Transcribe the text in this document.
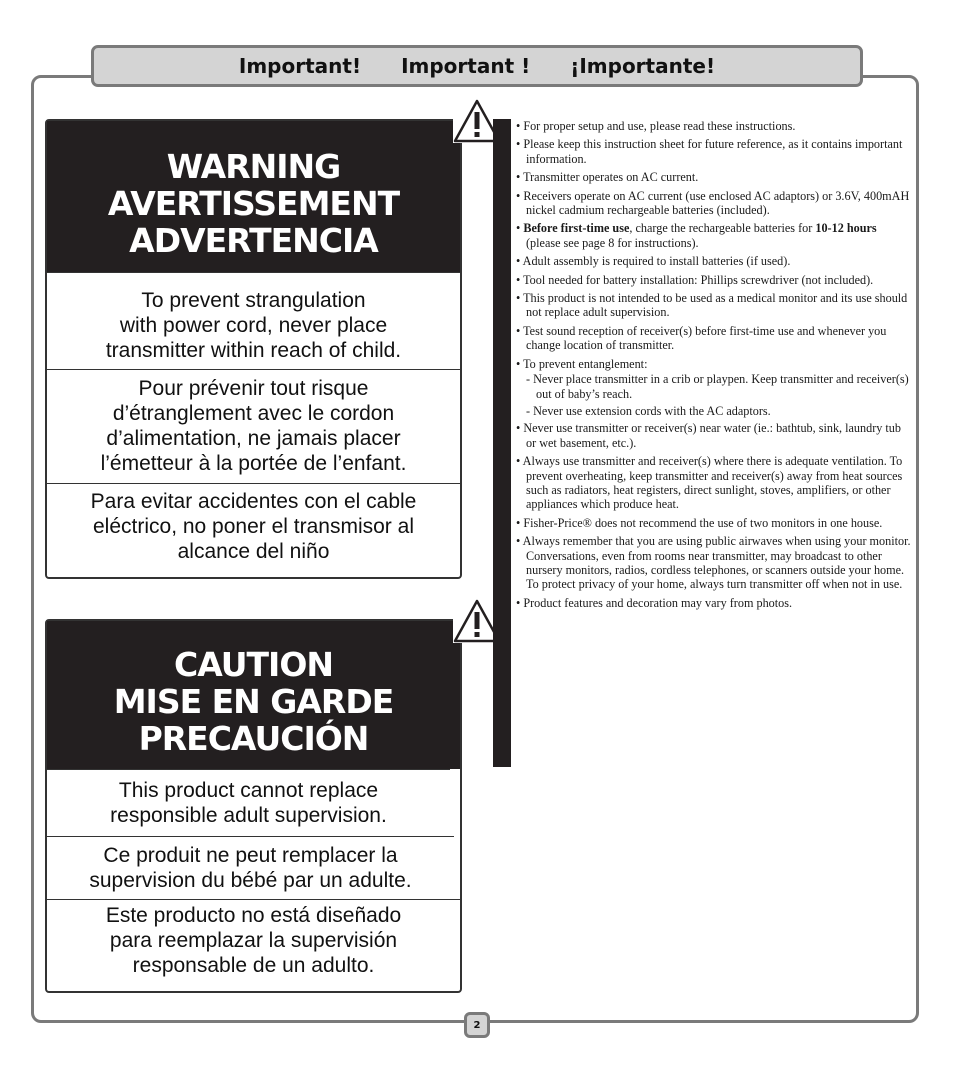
Important! Important ! ¡Importante!
WARNING
AVERTISSEMENT
ADVERTENCIA
To prevent strangulation
with power cord, never place
transmitter within reach of child.
Pour prévenir tout risque
d’étranglement avec le cordon
d’alimentation, ne jamais placer
l’émetteur à la portée de l’enfant.
Para evitar accidentes con el cable
eléctrico, no poner el transmisor al
alcance del niño
CAUTION
MISE EN GARDE
PRECAUCIÓN
This product cannot replace
responsible adult supervision.
Ce produit ne peut remplacer la
supervision du bébé par un adulte.
Este producto no está diseñado
para reemplazar la supervisión
responsable de un adulto.
• For proper setup and use, please read these instructions.
• Please keep this instruction sheet for future reference, as it contains important information.
• Transmitter operates on AC current.
• Receivers operate on AC current (use enclosed AC adaptors) or 3.6V, 400mAH nickel cadmium rechargeable batteries (included).
• Before first-time use, charge the rechargeable batteries for 10-12 hours (please see page 8 for instructions).
• Adult assembly is required to install batteries (if used).
• Tool needed for battery installation: Phillips screwdriver (not included).
• This product is not intended to be used as a medical monitor and its use should not replace adult supervision.
• Test sound reception of receiver(s) before first-time use and whenever you change location of transmitter.
• To prevent entanglement:
- Never place transmitter in a crib or playpen. Keep transmitter and receiver(s) out of baby’s reach.
- Never use extension cords with the AC adaptors.
• Never use transmitter or receiver(s) near water (ie.: bathtub, sink, laundry tub or wet basement, etc.).
• Always use transmitter and receiver(s) where there is adequate ventilation. To prevent overheating, keep transmitter and receiver(s) away from heat sources such as radiators, heat registers, direct sunlight, stoves, amplifiers, or other appliances which produce heat.
• Fisher-Price® does not recommend the use of two monitors in one house.
• Always remember that you are using public airwaves when using your monitor. Conversations, even from rooms near transmitter, may broadcast to other nursery monitors, radios, cordless telephones, or scanners outside your home. To protect privacy of your home, always turn transmitter off when not in use.
• Product features and decoration may vary from photos.
2
